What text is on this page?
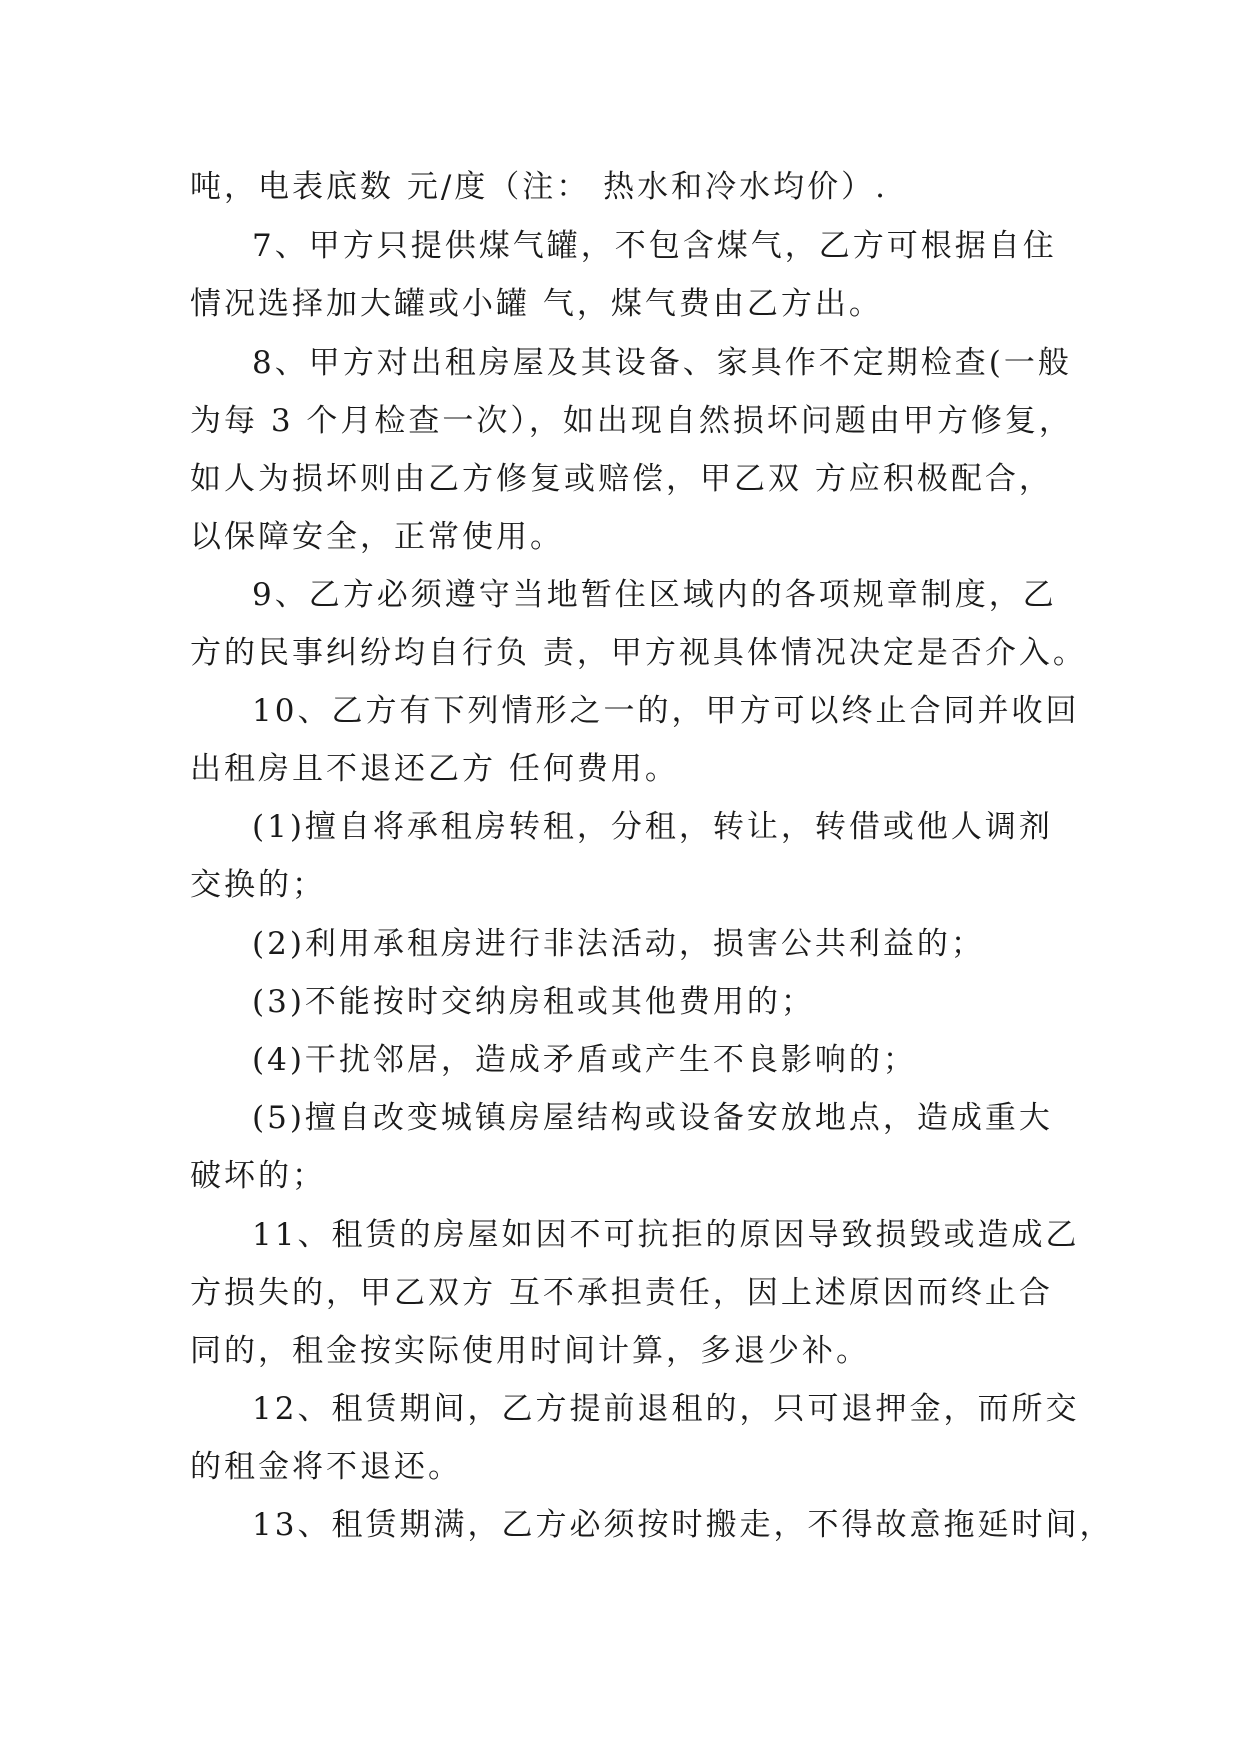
吨，电表底数 元/度（注： 热水和冷水均价）.
7、甲方只提供煤气罐，不包含煤气，乙方可根据自住
情况选择加大罐或小罐 气，煤气费由乙方出。
8、甲方对出租房屋及其设备、家具作不定期检查(一般
为每 3 个月检查一次），如出现自然损坏问题由甲方修复，
如人为损坏则由乙方修复或赔偿，甲乙双 方应积极配合，
以保障安全，正常使用。
9、乙方必须遵守当地暂住区域内的各项规章制度，乙
方的民事纠纷均自行负 责，甲方视具体情况决定是否介入。
10、乙方有下列情形之一的，甲方可以终止合同并收回
出租房且不退还乙方 任何费用。
(1)擅自将承租房转租，分租，转让，转借或他人调剂
交换的；
(2)利用承租房进行非法活动，损害公共利益的；
(3)不能按时交纳房租或其他费用的；
(4)干扰邻居，造成矛盾或产生不良影响的；
(5)擅自改变城镇房屋结构或设备安放地点，造成重大
破坏的；
11、租赁的房屋如因不可抗拒的原因导致损毁或造成乙
方损失的，甲乙双方 互不承担责任，因上述原因而终止合
同的，租金按实际使用时间计算，多退少补。
12、租赁期间，乙方提前退租的，只可退押金，而所交
的租金将不退还。
13、租赁期满，乙方必须按时搬走，不得故意拖延时间，
